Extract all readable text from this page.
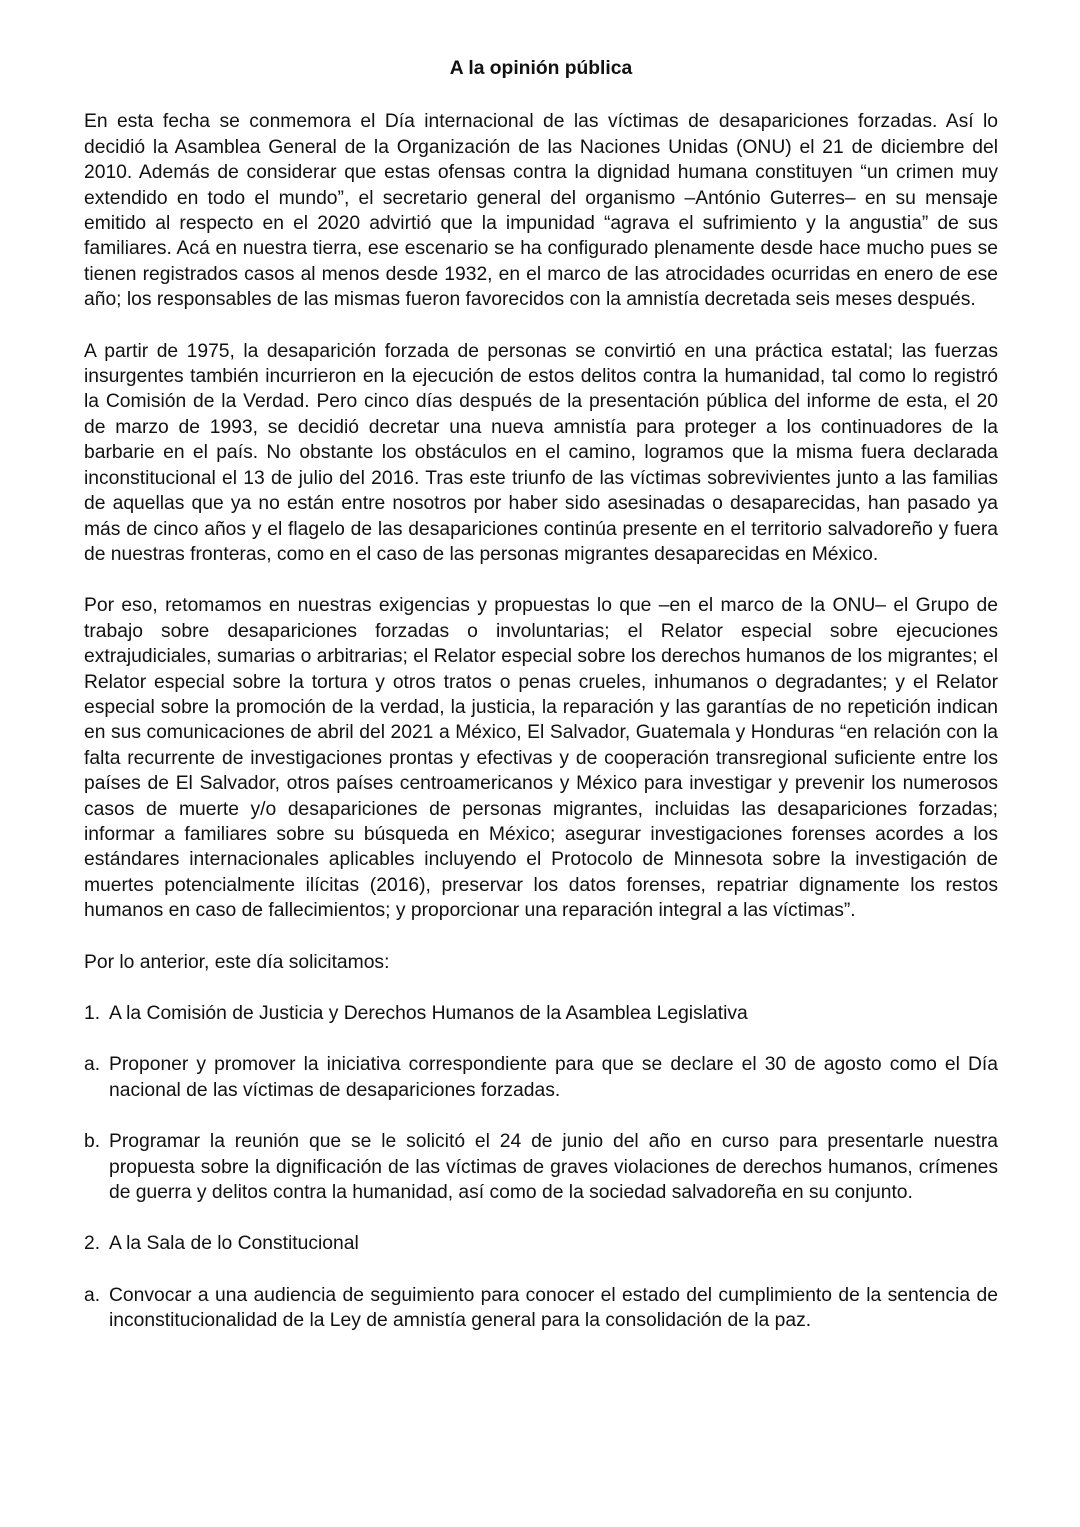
A la opinión pública

En esta fecha se conmemora el Día internacional de las víctimas de desapariciones forzadas. Así lo decidió la Asamblea General de la Organización de las Naciones Unidas (ONU) el 21 de diciembre del 2010. Además de considerar que estas ofensas contra la dignidad humana constituyen “un crimen muy extendido en todo el mundo”, el secretario general del organismo –António Guterres– en su mensaje emitido al respecto en el 2020 advirtió que la impunidad “agrava el sufrimiento y la angustia” de sus familiares. Acá en nuestra tierra, ese escenario se ha configurado plenamente desde hace mucho pues se tienen registrados casos al menos desde 1932, en el marco de las atrocidades ocurridas en enero de ese año; los responsables de las mismas fueron favorecidos con la amnistía decretada seis meses después.

A partir de 1975, la desaparición forzada de personas se convirtió en una práctica estatal; las fuerzas insurgentes también incurrieron en la ejecución de estos delitos contra la humanidad, tal como lo registró la Comisión de la Verdad. Pero cinco días después de la presentación pública del informe de esta, el 20 de marzo de 1993, se decidió decretar una nueva amnistía para proteger a los continuadores de la barbarie en el país. No obstante los obstáculos en el camino, logramos que la misma fuera declarada inconstitucional el 13 de julio del 2016. Tras este triunfo de las víctimas sobrevivientes junto a las familias de aquellas que ya no están entre nosotros por haber sido asesinadas o desaparecidas, han pasado ya más de cinco años y el flagelo de las desapariciones continúa presente en el territorio salvadoreño y fuera de nuestras fronteras, como en el caso de las personas migrantes desaparecidas en México.

Por eso, retomamos en nuestras exigencias y propuestas lo que –en el marco de la ONU– el Grupo de trabajo sobre desapariciones forzadas o involuntarias; el Relator especial sobre ejecuciones extrajudiciales, sumarias o arbitrarias; el Relator especial sobre los derechos humanos de los migrantes; el Relator especial sobre la tortura y otros tratos o penas crueles, inhumanos o degradantes; y el Relator especial sobre la promoción de la verdad, la justicia, la reparación y las garantías de no repetición indican en sus comunicaciones de abril del 2021 a México, El Salvador, Guatemala y Honduras “en relación con la falta recurrente de investigaciones prontas y efectivas y de cooperación transregional suficiente entre los países de El Salvador, otros países centroamericanos y México para investigar y prevenir los numerosos casos de muerte y/o desapariciones de personas migrantes, incluidas las desapariciones forzadas; informar a familiares sobre su búsqueda en México; asegurar investigaciones forenses acordes a los estándares internacionales aplicables incluyendo el Protocolo de Minnesota sobre la investigación de muertes potencialmente ilícitas (2016), preservar los datos forenses, repatriar dignamente los restos humanos en caso de fallecimientos; y proporcionar una reparación integral a las víctimas”.

Por lo anterior, este día solicitamos:

1. A la Comisión de Justicia y Derechos Humanos de la Asamblea Legislativa
a. Proponer y promover la iniciativa correspondiente para que se declare el 30 de agosto como el Día nacional de las víctimas de desapariciones forzadas.
b. Programar la reunión que se le solicitó el 24 de junio del año en curso para presentarle nuestra propuesta sobre la dignificación de las víctimas de graves violaciones de derechos humanos, crímenes de guerra y delitos contra la humanidad, así como de la sociedad salvadoreña en su conjunto.
2. A la Sala de lo Constitucional
a. Convocar a una audiencia de seguimiento para conocer el estado del cumplimiento de la sentencia de inconstitucionalidad de la Ley de amnistía general para la consolidación de la paz.
